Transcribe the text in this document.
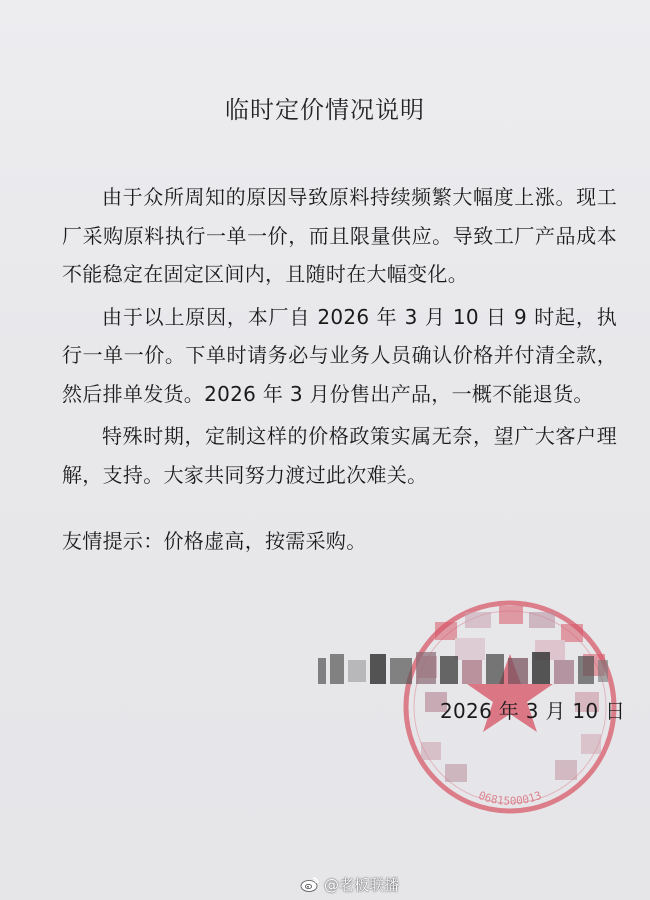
临时定价情况说明

由于众所周知的原因导致原料持续频繁大幅度上涨。现工厂采购原料执行一单一价，而且限量供应。导致工厂产品成本不能稳定在固定区间内，且随时在大幅变化。

由于以上原因，本厂自 2026 年 3 月 10 日 9 时起，执行一单一价。下单时请务必与业务人员确认价格并付清全款，然后排单发货。2026 年 3 月份售出产品，一概不能退货。

特殊时期，定制这样的价格政策实属无奈，望广大客户理解，支持。大家共同努力渡过此次难关。

友情提示：价格虚高，按需采购。
0681500013
2026 年 3 月 10 日
@老板联播
